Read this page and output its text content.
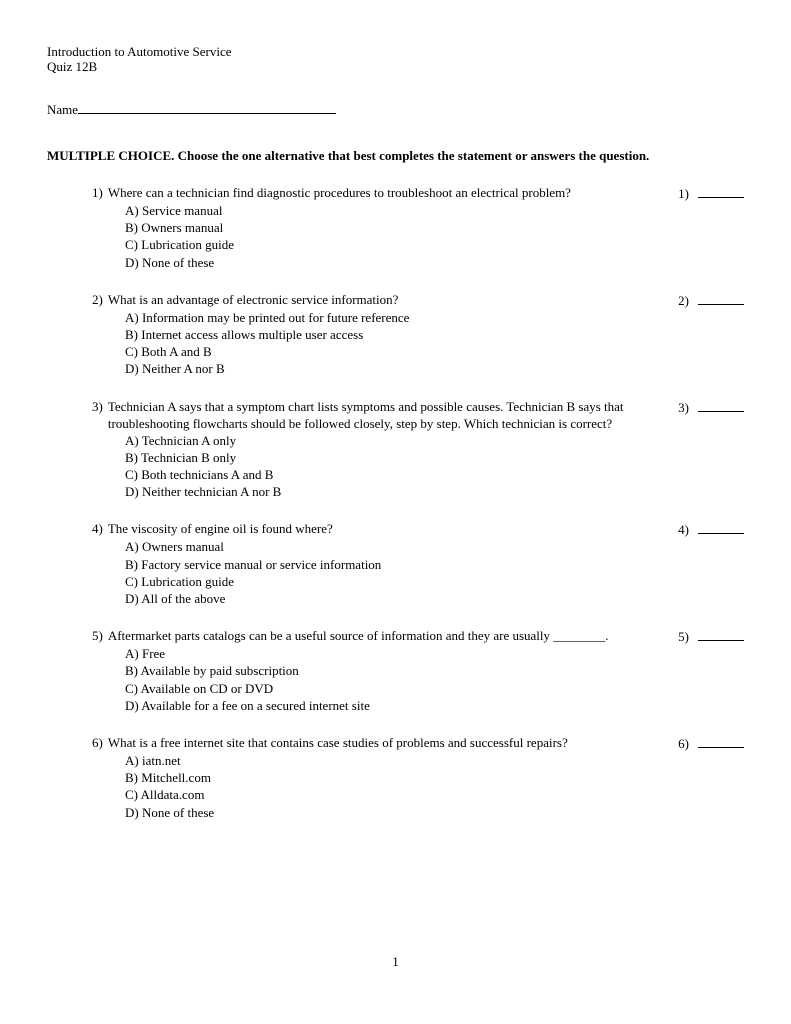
Introduction to Automotive Service
Quiz 12B
Name
MULTIPLE CHOICE. Choose the one alternative that best completes the statement or answers the question.
1) Where can a technician find diagnostic procedures to troubleshoot an electrical problem?	1)
A) Service manual
B) Owners manual
C) Lubrication guide
D) None of these
2) What is an advantage of electronic service information?	2)
A) Information may be printed out for future reference
B) Internet access allows multiple user access
C) Both A and B
D) Neither A nor B
3) Technician A says that a symptom chart lists symptoms and possible causes. Technician B says that troubleshooting flowcharts should be followed closely, step by step. Which technician is correct?
3)
A) Technician A only
B) Technician B only
C) Both technicians A and B
D) Neither technician A nor B
4) The viscosity of engine oil is found where?	4)
A) Owners manual
B) Factory service manual or service information
C) Lubrication guide
D) All of the above
5) Aftermarket parts catalogs can be a useful source of information and they are usually ________.	5)
A) Free
B) Available by paid subscription
C) Available on CD or DVD
D) Available for a fee on a secured internet site
6) What is a free internet site that contains case studies of problems and successful repairs?	6)
A) iatn.net
B) Mitchell.com
C) Alldata.com
D) None of these
1
